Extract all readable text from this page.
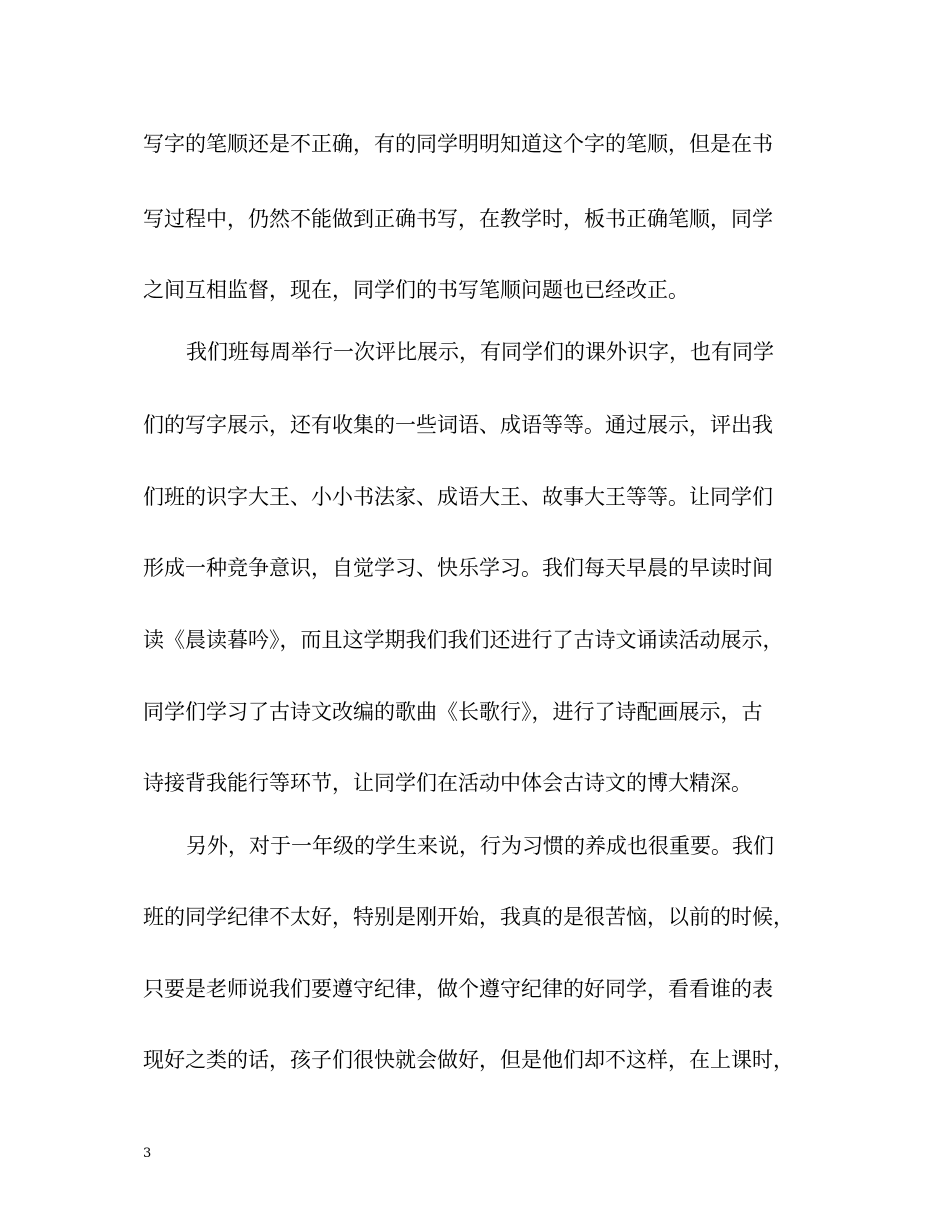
写字的笔顺还是不正确，有的同学明明知道这个字的笔顺，但是在书
写过程中，仍然不能做到正确书写，在教学时，板书正确笔顺，同学
之间互相监督，现在，同学们的书写笔顺问题也已经改正。
我们班每周举行一次评比展示，有同学们的课外识字，也有同学
们的写字展示，还有收集的一些词语、成语等等。通过展示，评出我
们班的识字大王、小小书法家、成语大王、故事大王等等。让同学们
形成一种竞争意识，自觉学习、快乐学习。我们每天早晨的早读时间
读《晨读暮吟》，而且这学期我们我们还进行了古诗文诵读活动展示，
同学们学习了古诗文改编的歌曲《长歌行》，进行了诗配画展示，古
诗接背我能行等环节，让同学们在活动中体会古诗文的博大精深。
另外，对于一年级的学生来说，行为习惯的养成也很重要。我们
班的同学纪律不太好，特别是刚开始，我真的是很苦恼，以前的时候，
只要是老师说我们要遵守纪律，做个遵守纪律的好同学，看看谁的表
现好之类的话，孩子们很快就会做好，但是他们却不这样，在上课时，
3
